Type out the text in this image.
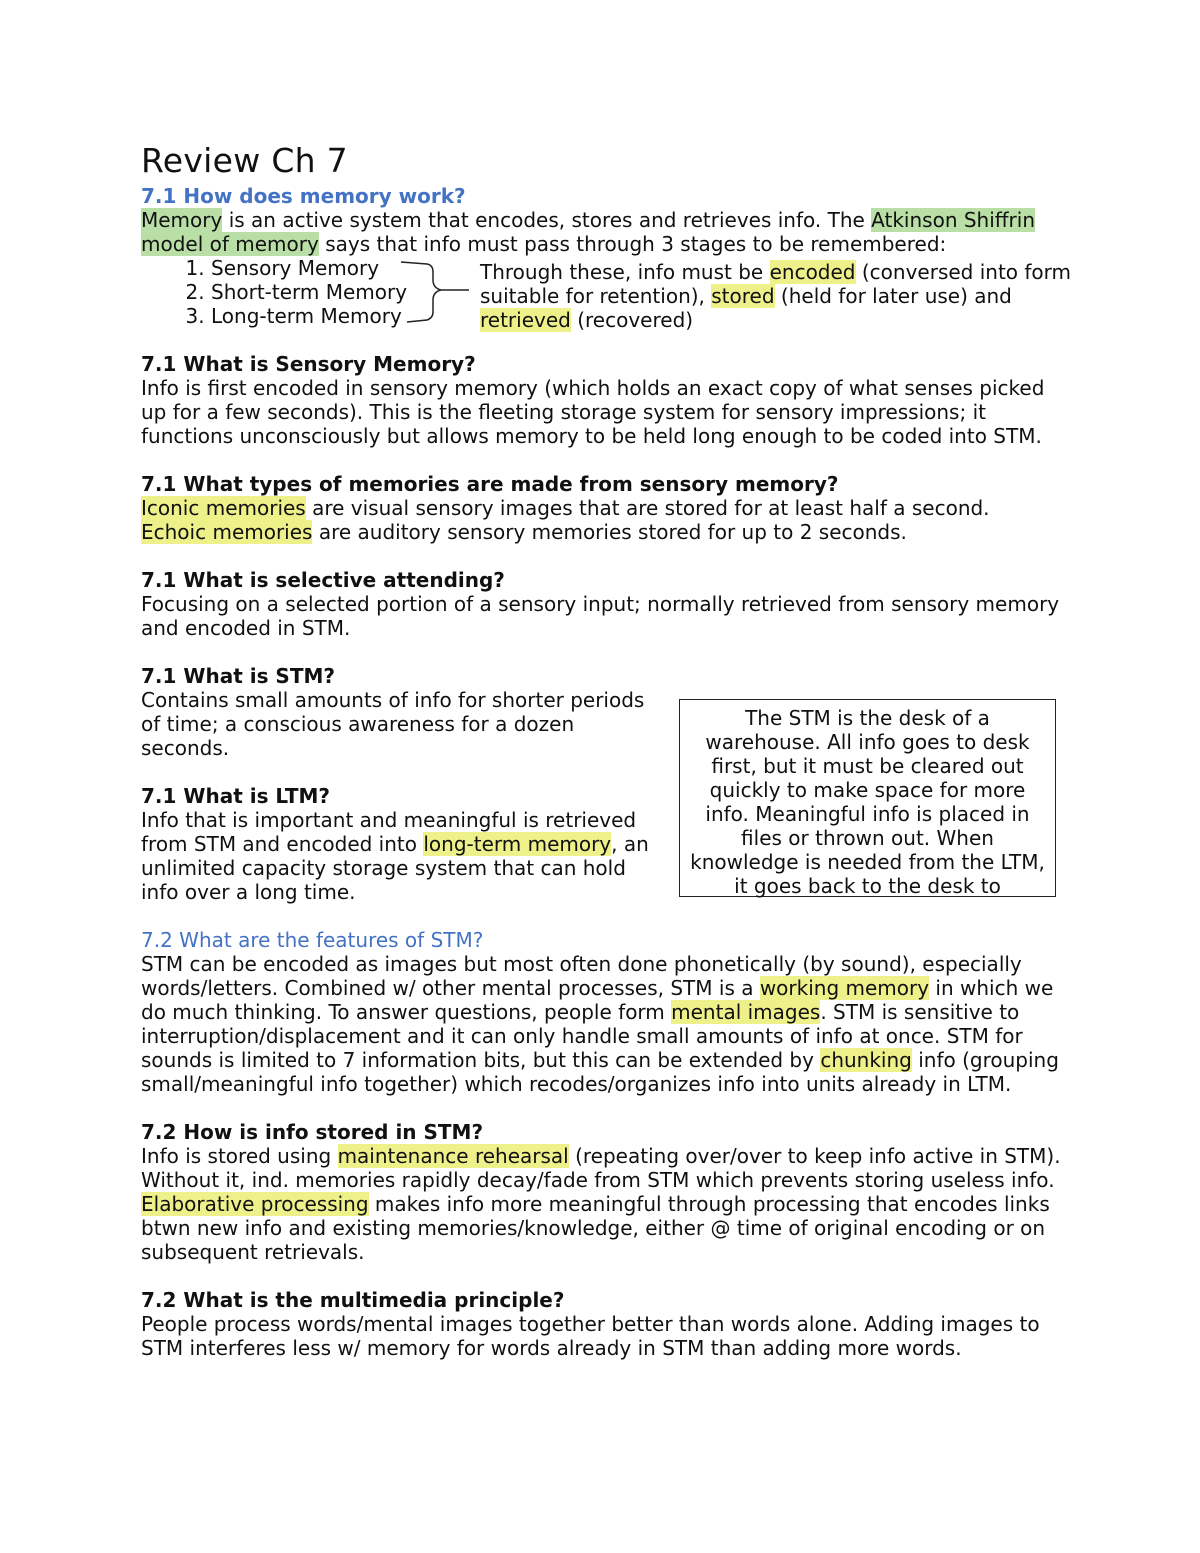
Review Ch 7
7.1 How does memory work?

Memory is an active system that encodes, stores and retrieves info. The Atkinson Shiffrin model of memory says that info must pass through 3 stages to be remembered:

1. Sensory Memory
2. Short-term Memory
3. Long-term Memory
Through these, info must be encoded (conversed into form suitable for retention), stored (held for later use) and retrieved (recovered)
7.1 What is Sensory Memory?

Info is first encoded in sensory memory (which holds an exact copy of what senses picked up for a few seconds). This is the fleeting storage system for sensory impressions; it functions unconsciously but allows memory to be held long enough to be coded into STM.

7.1 What types of memories are made from sensory memory?

Iconic memories are visual sensory images that are stored for at least half a second.

Echoic memories are auditory sensory memories stored for up to 2 seconds.

7.1 What is selective attending?

Focusing on a selected portion of a sensory input; normally retrieved from sensory memory and encoded in STM.

7.1 What is STM?

Contains small amounts of info for shorter periods of time; a conscious awareness for a dozen seconds.

7.1 What is LTM?

Info that is important and meaningful is retrieved from STM and encoded into long-term memory, an unlimited capacity storage system that can hold info over a long time.

The STM is the desk of a warehouse. All info goes to desk first, but it must be cleared out quickly to make space for more info. Meaningful info is placed in files or thrown out. When knowledge is needed from the LTM, it goes back to the desk to
7.2 What are the features of STM?

STM can be encoded as images but most often done phonetically (by sound), especially words/letters. Combined w/ other mental processes, STM is a working memory in which we do much thinking. To answer questions, people form mental images. STM is sensitive to interruption/displacement and it can only handle small amounts of info at once. STM for sounds is limited to 7 information bits, but this can be extended by chunking info (grouping small/meaningful info together) which recodes/organizes info into units already in LTM.

7.2 How is info stored in STM?

Info is stored using maintenance rehearsal (repeating over/over to keep info active in STM). Without it, ind. memories rapidly decay/fade from STM which prevents storing useless info. Elaborative processing makes info more meaningful through processing that encodes links btwn new info and existing memories/knowledge, either @ time of original encoding or on subsequent retrievals.

7.2 What is the multimedia principle?

People process words/mental images together better than words alone. Adding images to STM interferes less w/ memory for words already in STM than adding more words.
